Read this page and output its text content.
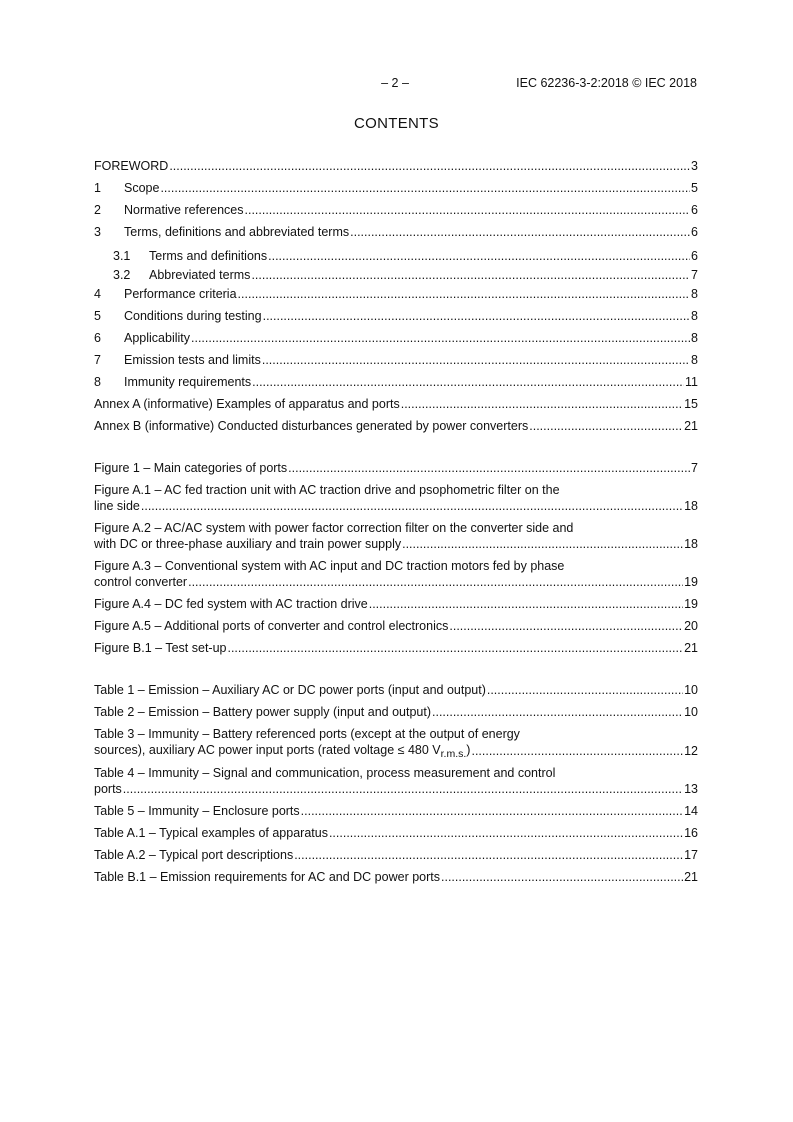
– 2 –	IEC 62236-3-2:2018 © IEC 2018
CONTENTS
FOREWORD .....	3
1 Scope .....	5
2 Normative references .....	6
3 Terms, definitions and abbreviated terms .....	6
3.1 Terms and definitions .....	6
3.2 Abbreviated terms .....	7
4 Performance criteria .....	8
5 Conditions during testing .....	8
6 Applicability .....	8
7 Emission tests and limits .....	8
8 Immunity requirements .....	11
Annex A (informative) Examples of apparatus and ports .....	15
Annex B (informative) Conducted disturbances generated by power converters .....	21
Figure 1 – Main categories of ports .....	7
Figure A.1 – AC fed traction unit with AC traction drive and psophometric filter on the
line side .....	18
Figure A.2 – AC/AC system with power factor correction filter on the converter side and
with DC or three-phase auxiliary and train power supply .....	18
Figure A.3 – Conventional system with AC input and DC traction motors fed by phase
control converter .....	19
Figure A.4 – DC fed system with AC traction drive .....	19
Figure A.5 – Additional ports of converter and control electronics .....	20
Figure B.1 – Test set-up .....	21
Table 1 – Emission – Auxiliary AC or DC power ports (input and output) .....	10
Table 2 – Emission – Battery power supply (input and output) .....	10
Table 3 – Immunity – Battery referenced ports (except at the output of energy
sources), auxiliary AC power input ports (rated voltage ≤ 480 $V_{r.m.s.}$) .....	12
Table 4 – Immunity – Signal and communication, process measurement and control
ports .....	13
Table 5 – Immunity – Enclosure ports .....	14
Table A.1 – Typical examples of apparatus .....	16
Table A.2 – Typical port descriptions .....	17
Table B.1 – Emission requirements for AC and DC power ports .....	21
